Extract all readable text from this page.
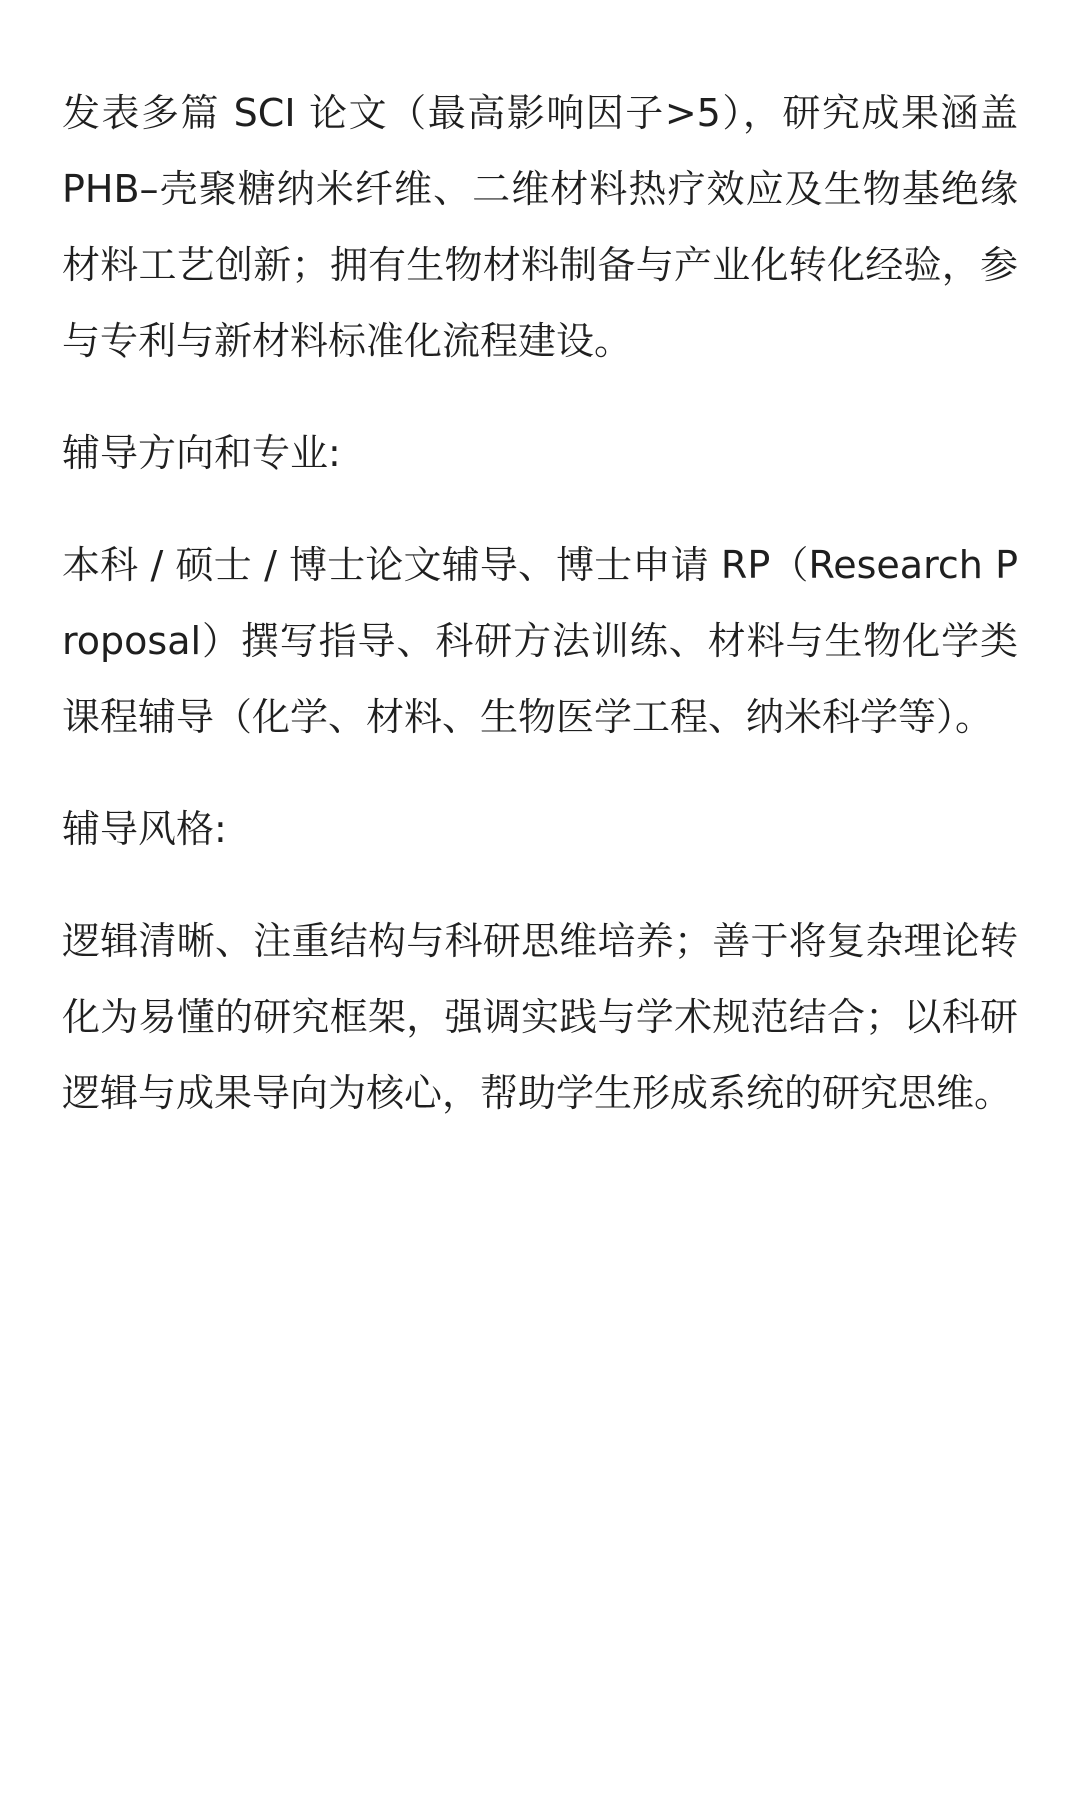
发表多篇 SCI 论文（最高影响因子>5），研究成果涵盖 PHB–壳聚糖纳米纤维、二维材料热疗效应及生物基绝缘材料工艺创新；拥有生物材料制备与产业化转化经验，参与专利与新材料标准化流程建设。

辅导方向和专业:

本科 / 硕士 / 博士论文辅导、博士申请 RP（Research Proposal）撰写指导、科研方法训练、材料与生物化学类课程辅导（化学、材料、生物医学工程、纳米科学等）。

辅导风格:

逻辑清晰、注重结构与科研思维培养；善于将复杂理论转化为易懂的研究框架，强调实践与学术规范结合；以科研逻辑与成果导向为核心，帮助学生形成系统的研究思维。
